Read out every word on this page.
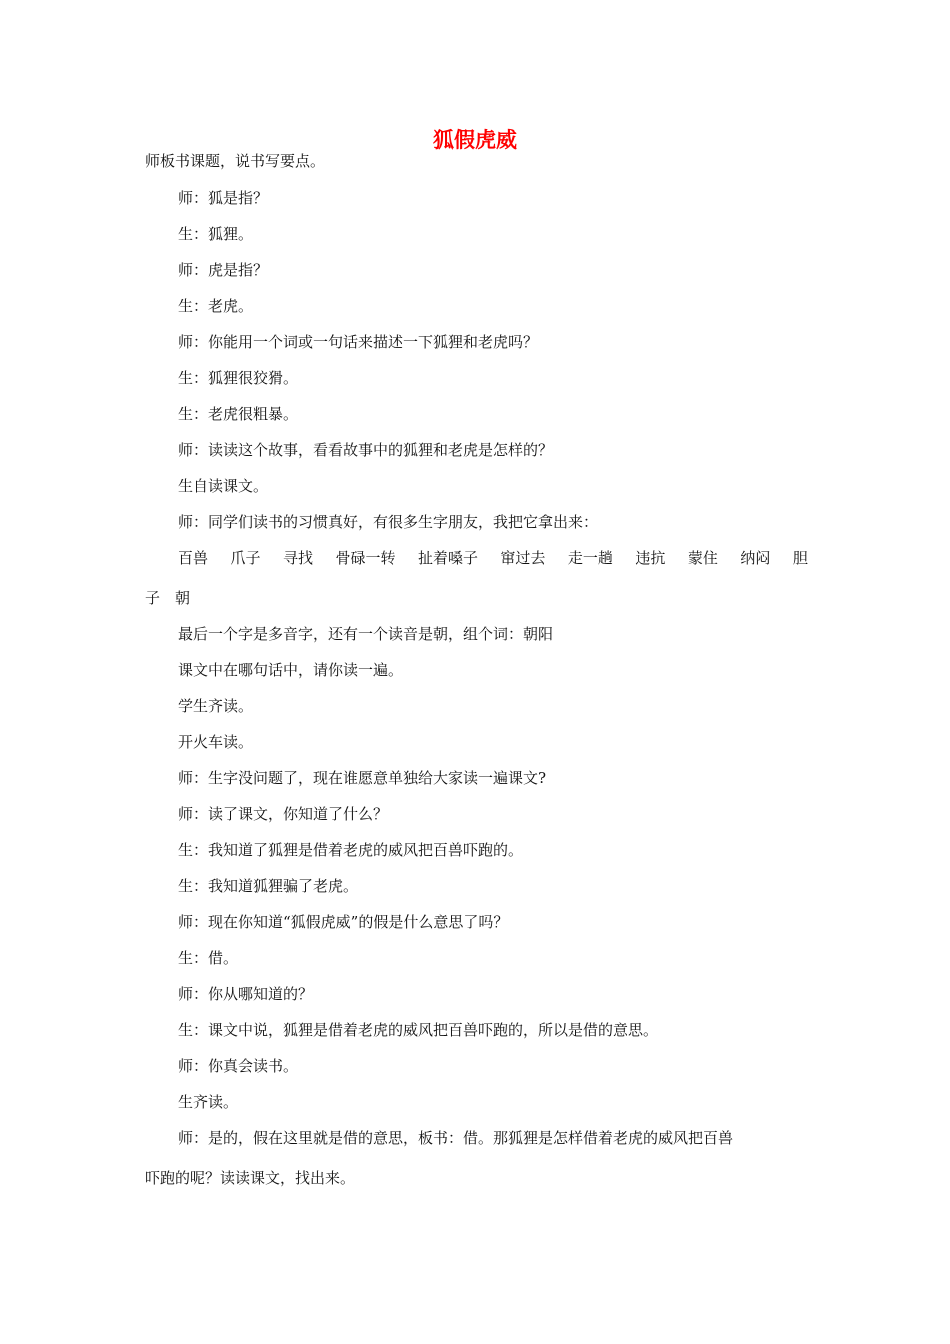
狐假虎威
师板书课题，说书写要点。
师：狐是指？
生：狐狸。
师：虎是指？
生：老虎。
师：你能用一个词或一句话来描述一下狐狸和老虎吗？
生：狐狸很狡猾。
生：老虎很粗暴。
师：读读这个故事，看看故事中的狐狸和老虎是怎样的？
生自读课文。
师：同学们读书的习惯真好，有很多生字朋友，我把它拿出来：
百兽 爪子 寻找 骨碌一转 扯着嗓子 窜过去 走一趟 违抗 蒙住 纳闷 胆
子　朝
最后一个字是多音字，还有一个读音是朝，组个词：朝阳
课文中在哪句话中，请你读一遍。
学生齐读。
开火车读。
师：生字没问题了，现在谁愿意单独给大家读一遍课文?
师：读了课文，你知道了什么？
生：我知道了狐狸是借着老虎的威风把百兽吓跑的。
生：我知道狐狸骗了老虎。
师：现在你知道“狐假虎威”的假是什么意思了吗？
生：借。
师：你从哪知道的？
生：课文中说，狐狸是借着老虎的威风把百兽吓跑的，所以是借的意思。
师：你真会读书。
生齐读。
师：是的，假在这里就是借的意思，板书：借。那狐狸是怎样借着老虎的威风把百兽
吓跑的呢？读读课文，找出来。
